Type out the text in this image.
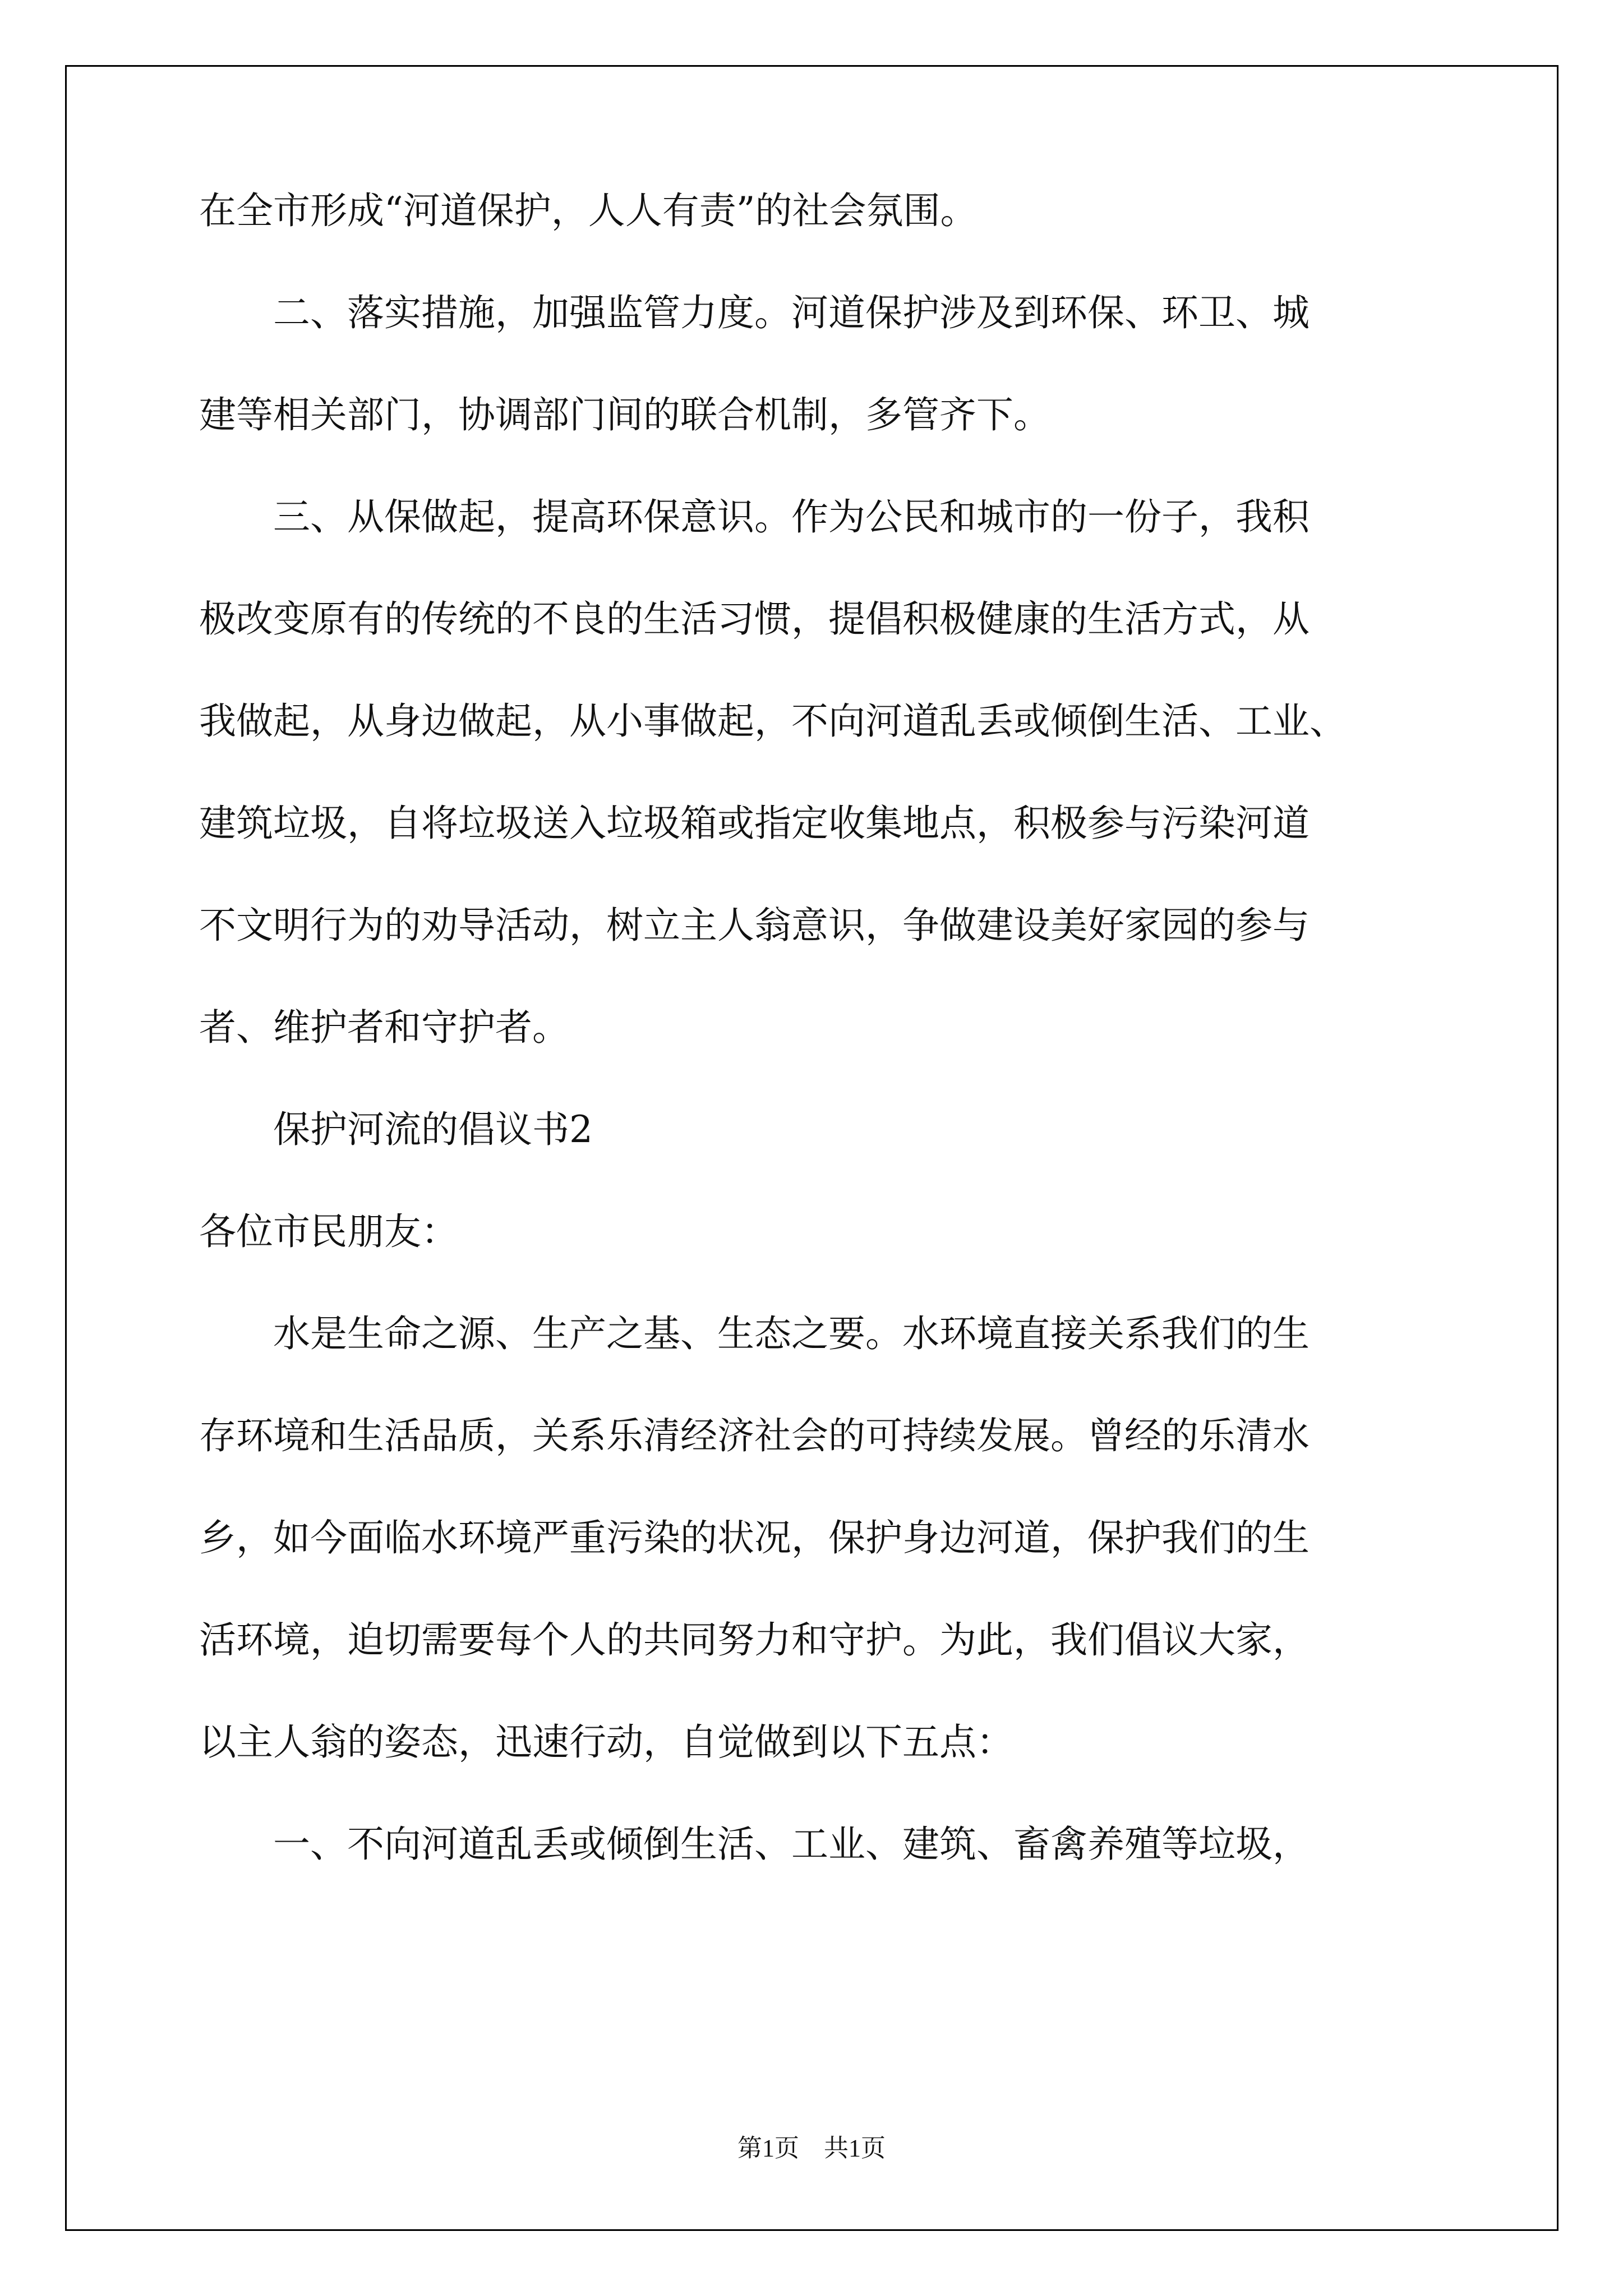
在全市形成“河道保护，人人有责”的社会氛围。

　　二、落实措施，加强监管力度。河道保护涉及到环保、环卫、城

建等相关部门，协调部门间的联合机制，多管齐下。

　　三、从保做起，提高环保意识。作为公民和城市的一份子，我积

极改变原有的传统的不良的生活习惯，提倡积极健康的生活方式，从

我做起，从身边做起，从小事做起，不向河道乱丢或倾倒生活、工业、

建筑垃圾，自将垃圾送入垃圾箱或指定收集地点，积极参与污染河道

不文明行为的劝导活动，树立主人翁意识，争做建设美好家园的参与

者、维护者和守护者。

　　保护河流的倡议书2

各位市民朋友：

　　水是生命之源、生产之基、生态之要。水环境直接关系我们的生

存环境和生活品质，关系乐清经济社会的可持续发展。曾经的乐清水

乡，如今面临水环境严重污染的状况，保护身边河道，保护我们的生

活环境，迫切需要每个人的共同努力和守护。为此，我们倡议大家，

以主人翁的姿态，迅速行动，自觉做到以下五点：

　　一、不向河道乱丢或倾倒生活、工业、建筑、畜禽养殖等垃圾，

第1页　共1页
